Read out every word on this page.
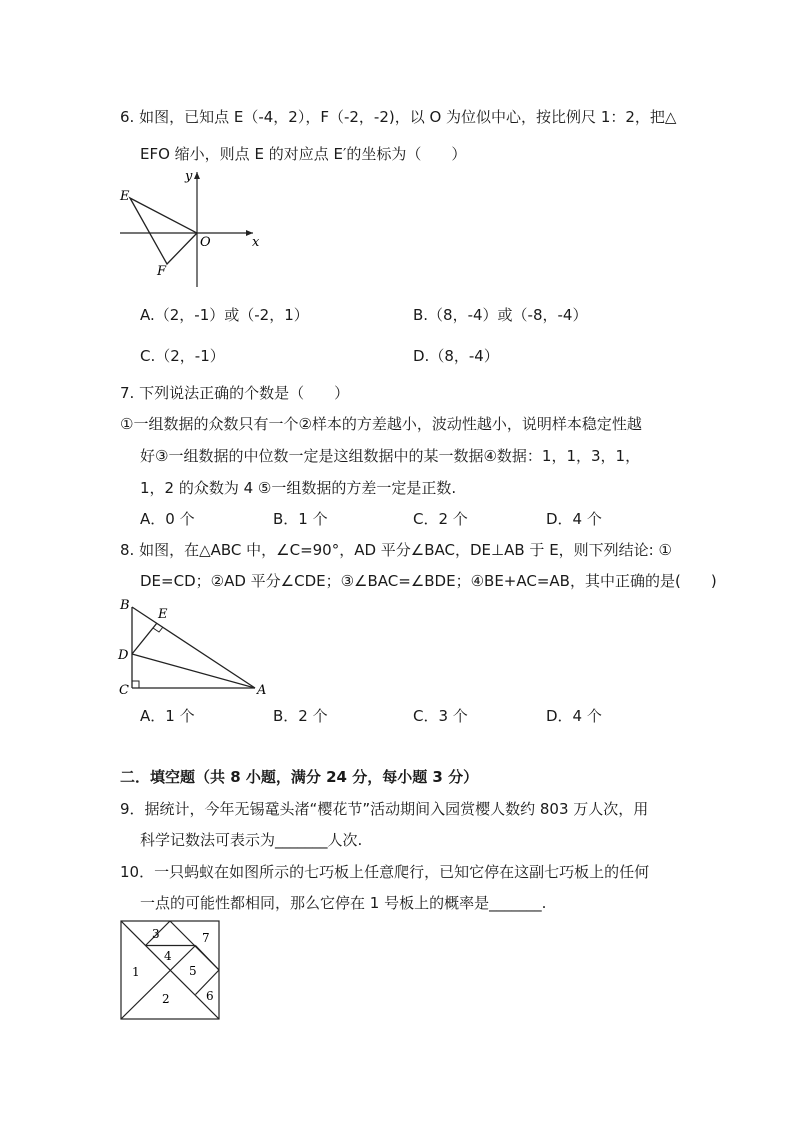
6. 如图，已知点 E（-4，2），F（-2，-2)，以 O 为位似中心，按比例尺 1：2，把△
EFO 缩小，则点 E 的对应点 E′的坐标为（　　）
E
F
O	x
y
A.（2，-1）或（-2，1）	B.（8，-4）或（-8，-4）
C.（2，-1）	D.（8，-4）
7. 下列说法正确的个数是（　　）
①一组数据的众数只有一个②样本的方差越小，波动性越小，说明样本稳定性越
好③一组数据的中位数一定是这组数据中的某一数据④数据：1，1，3，1，
1，2 的众数为 4 ⑤一组数据的方差一定是正数.
A．0 个	B．1 个	C．2 个	D．4 个
8. 如图，在△ABC 中，∠C=90°，AD 平分∠BAC，DE⊥AB 于 E，则下列结论: ①
DE=CD；②AD 平分∠CDE；③∠BAC=∠BDE；④BE+AC=AB，其中正确的是(　　)
B
E
D
C	A
A．1 个	B．2 个	C．3 个	D．4 个
二．填空题（共 8 小题，满分 24 分，每小题 3 分）
9．据统计，今年无锡鼋头渚“樱花节”活动期间入园赏樱人数约 803 万人次，用
科学记数法可表示为_______人次.
10．一只蚂蚁在如图所示的七巧板上任意爬行，已知它停在这副七巧板上的任何
一点的可能性都相同，那么它停在 1 号板上的概率是_______.
3	7
4
1	5
2	6
